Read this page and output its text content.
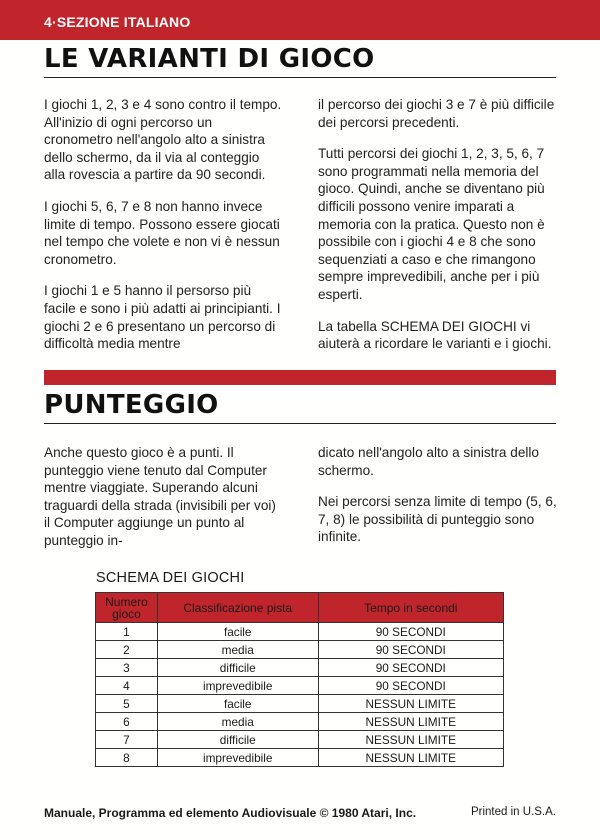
4·SEZIONE ITALIANO
LE VARIANTI DI GIOCO

I giochi 1, 2, 3 e 4 sono contro il tempo. All'inizio di ogni percorso un cronometro nell'angolo alto a sinistra dello schermo, da il via al conteggio alla rovescia a partire da 90 secondi.

I giochi 5, 6, 7 e 8 non hanno invece limite di tempo. Possono essere giocati nel tempo che volete e non vi è nessun cronometro.

I giochi 1 e 5 hanno il persorso più facile e sono i più adatti ai principianti. I giochi 2 e 6 presentano un percorso di difficoltà media mentre

il percorso dei giochi 3 e 7 è più difficile dei percorsi precedenti.

Tutti percorsi dei giochi 1, 2, 3, 5, 6, 7 sono programmati nella memoria del gioco. Quindi, anche se diventano più difficili possono venire imparati a memoria con la pratica. Questo non è possibile con i giochi 4 e 8 che sono sequenziati a caso e che rimangono sempre imprevedibili, anche per i più esperti.

La tabella SCHEMA DEI GIOCHI vi aiuterà a ricordare le varianti e i giochi.

PUNTEGGIO

Anche questo gioco è a punti. Il punteggio viene tenuto dal Computer mentre viaggiate. Superando alcuni traguardi della strada (invisibili per voi) il Computer aggiunge un punto al punteggio in-

dicato nell'angolo alto a sinistra dello schermo.

Nei percorsi senza limite di tempo (5, 6, 7, 8) le possibilità di punteggio sono infinite.

SCHEMA DEI GIOCHI
Numero gioco	Classificazione pista	Tempo in secondi
1	facile	90 SECONDI
2	media	90 SECONDI
3	difficile	90 SECONDI
4	imprevedibile	90 SECONDI
5	facile	NESSUN LIMITE
6	media	NESSUN LIMITE
7	difficile	NESSUN LIMITE
8	imprevedibile	NESSUN LIMITE
Manuale, Programma ed elemento Audiovisuale © 1980 Atari, Inc.	Printed in U.S.A.
